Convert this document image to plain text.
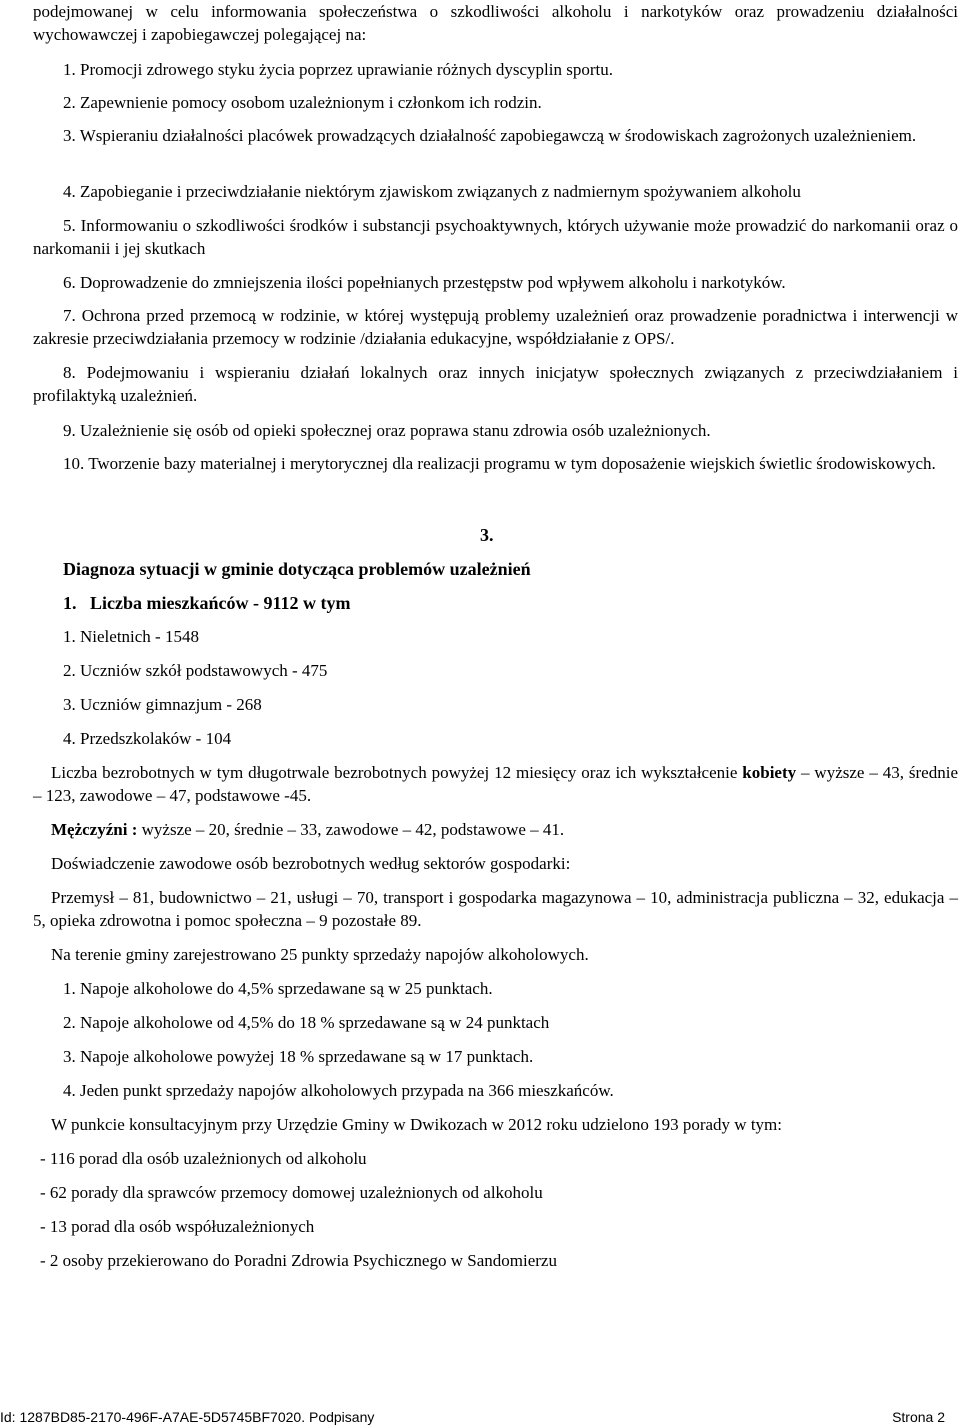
podejmowanej w celu informowania społeczeństwa o szkodliwości alkoholu i narkotyków oraz prowadzeniu działalności wychowawczej i zapobiegawczej polegającej na:

1. Promocji zdrowego styku życia poprzez uprawianie różnych dyscyplin sportu.

2. Zapewnienie pomocy osobom uzależnionym i członkom ich rodzin.

3. Wspieraniu działalności placówek prowadzących działalność zapobiegawczą w środowiskach zagrożonych uzależnieniem.

4. Zapobieganie i przeciwdziałanie niektórym zjawiskom związanych z nadmiernym spożywaniem alkoholu

5. Informowaniu o szkodliwości środków i substancji psychoaktywnych, których używanie może prowadzić do narkomanii oraz o narkomanii i jej skutkach

6. Doprowadzenie do zmniejszenia ilości popełnianych przestępstw pod wpływem alkoholu i narkotyków.

7. Ochrona przed przemocą w rodzinie, w której występują problemy uzależnień oraz prowadzenie poradnictwa i interwencji w zakresie przeciwdziałania przemocy w rodzinie /działania edukacyjne, współdziałanie z OPS/.

8. Podejmowaniu i wspieraniu działań lokalnych oraz innych inicjatyw społecznych związanych z przeciwdziałaniem i profilaktyką uzależnień.

9. Uzależnienie się osób od opieki społecznej oraz poprawa stanu zdrowia osób uzależnionych.

10. Tworzenie bazy materialnej i merytorycznej dla realizacji programu w tym doposażenie wiejskich świetlic środowiskowych.

3.
Diagnoza sytuacji w gminie dotycząca problemów uzależnień

1. Liczba mieszkańców - 9112 w tym

1. Nieletnich - 1548

2. Uczniów szkół podstawowych - 475

3. Uczniów gimnazjum - 268

4. Przedszkolaków - 104

Liczba bezrobotnych w tym długotrwale bezrobotnych powyżej 12 miesięcy oraz ich wykształcenie kobiety – wyższe – 43, średnie – 123, zawodowe – 47, podstawowe -45.

Mężczyźni : wyższe – 20, średnie – 33, zawodowe – 42, podstawowe – 41.

Doświadczenie zawodowe osób bezrobotnych według sektorów gospodarki:

Przemysł – 81, budownictwo – 21, usługi – 70, transport i gospodarka magazynowa – 10, administracja publiczna – 32, edukacja – 5, opieka zdrowotna i pomoc społeczna – 9 pozostałe 89.

Na terenie gminy zarejestrowano 25 punkty sprzedaży napojów alkoholowych.

1. Napoje alkoholowe do 4,5% sprzedawane są w 25 punktach.

2. Napoje alkoholowe od 4,5% do 18 % sprzedawane są w 24 punktach

3. Napoje alkoholowe powyżej 18 % sprzedawane są w 17 punktach.

4. Jeden punkt sprzedaży napojów alkoholowych przypada na 366 mieszkańców.

W punkcie konsultacyjnym przy Urzędzie Gminy w Dwikozach w 2012 roku udzielono 193 porady w tym:

- 116 porad dla osób uzależnionych od alkoholu

- 62 porady dla sprawców przemocy domowej uzależnionych od alkoholu

- 13 porad dla osób współuzależnionych

- 2 osoby przekierowano do Poradni Zdrowia Psychicznego w Sandomierzu

Id: 1287BD85-2170-496F-A7AE-5D5745BF7020. Podpisany	Strona 2
